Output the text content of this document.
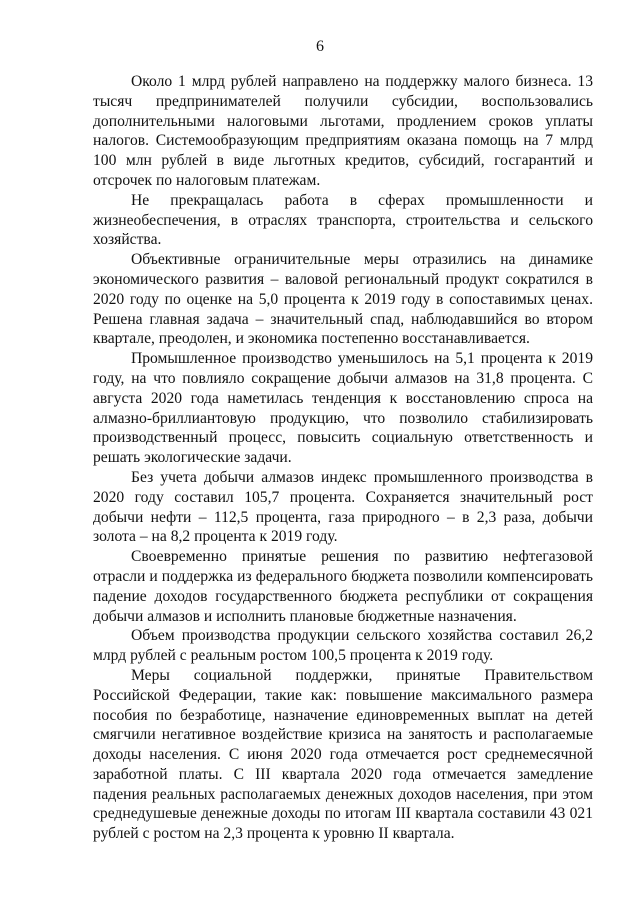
6

Около 1 млрд рублей направлено на поддержку малого бизнеса. 13 тысяч предпринимателей получили субсидии, воспользовались дополнительными налоговыми льготами, продлением сроков уплаты налогов. Системообразующим предприятиям оказана помощь на 7 млрд 100 млн рублей в виде льготных кредитов, субсидий, госгарантий и отсрочек по налоговым платежам.

Не прекращалась работа в сферах промышленности и жизнеобеспечения, в отраслях транспорта, строительства и сельского хозяйства.

Объективные ограничительные меры отразились на динамике экономического развития – валовой региональный продукт сократился в 2020 году по оценке на 5,0 процента к 2019 году в сопоставимых ценах. Решена главная задача – значительный спад, наблюдавшийся во втором квартале, преодолен, и экономика постепенно восстанавливается.

Промышленное производство уменьшилось на 5,1 процента к 2019 году, на что повлияло сокращение добычи алмазов на 31,8 процента. С августа 2020 года наметилась тенденция к восстановлению спроса на алмазно-бриллиантовую продукцию, что позволило стабилизировать производственный процесс, повысить социальную ответственность и решать экологические задачи.

Без учета добычи алмазов индекс промышленного производства в 2020 году составил 105,7 процента. Сохраняется значительный рост добычи нефти – 112,5 процента, газа природного – в 2,3 раза, добычи золота – на 8,2 процента к 2019 году.

Своевременно принятые решения по развитию нефтегазовой отрасли и поддержка из федерального бюджета позволили компенсировать падение доходов государственного бюджета республики от сокращения добычи алмазов и исполнить плановые бюджетные назначения.

Объем производства продукции сельского хозяйства составил 26,2 млрд рублей с реальным ростом 100,5 процента к 2019 году.

Меры социальной поддержки, принятые Правительством Российской Федерации, такие как: повышение максимального размера пособия по безработице, назначение единовременных выплат на детей смягчили негативное воздействие кризиса на занятость и располагаемые доходы населения. С июня 2020 года отмечается рост среднемесячной заработной платы. С III квартала 2020 года отмечается замедление падения реальных располагаемых денежных доходов населения, при этом среднедушевые денежные доходы по итогам III квартала составили 43 021 рублей с ростом на 2,3 процента к уровню II квартала.
